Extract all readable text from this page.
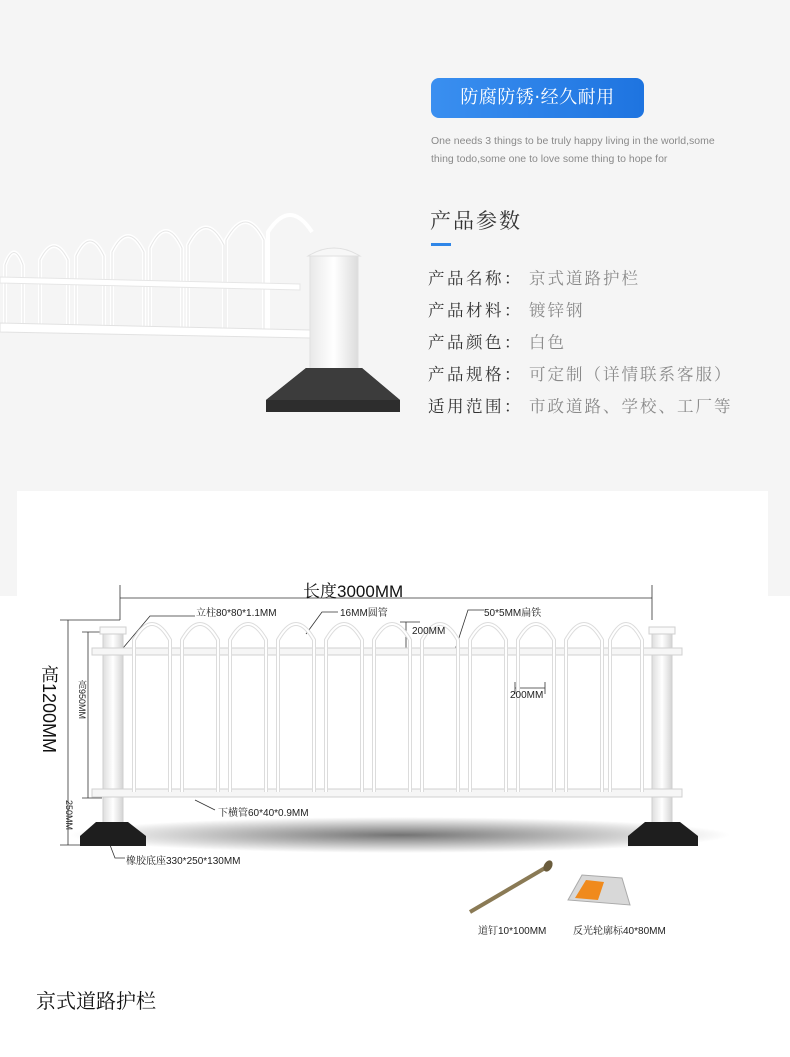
防腐防锈·经久耐用
One needs 3 things to be truly happy living in the world,some
thing todo,some one to love some thing to hope for
产品参数
产品名称： 京式道路护栏
产品材料： 镀锌钢
产品颜色： 白色
产品规格： 可定制（详情联系客服）
适用范围： 市政道路、学校、工厂等
长度3000MM
高1200MM	高950MM
250MM
立柱80*80*1.1MM	16MM圆管	50*5MM扁铁
200MM
200MM
下横管60*40*0.9MM
橡胶底座330*250*130MM
道钉10*100MM	反光轮廓标40*80MM
京式道路护栏
